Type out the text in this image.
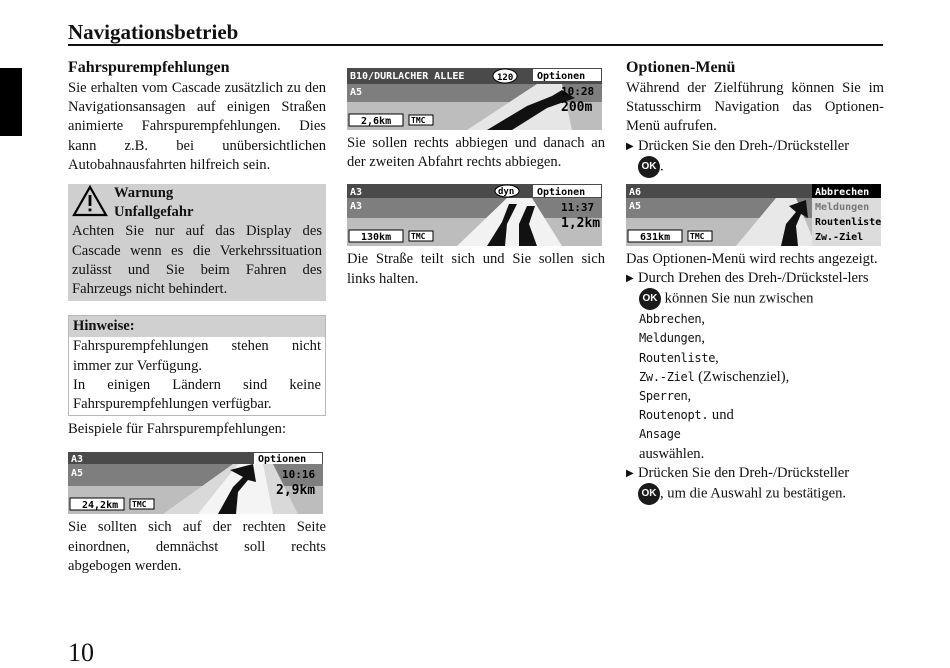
Navigationsbetrieb
Fahrspurempfehlungen

Sie erhalten vom Cascade zusätzlich zu den Navigationsansagen auf einigen Straßen animierte Fahrspurempfehlungen. Dies kann z.B. bei unübersichtlichen Autobahnausfahrten hilfreich sein.

Warnung
Unfallgefahr

Achten Sie nur auf das Display des Cascade wenn es die Verkehrssituation zulässt und Sie beim Fahren des Fahrzeugs nicht behindert.

Hinweise:

Fahrspurempfehlungen stehen nicht immer zur Verfügung.

In einigen Ländern sind keine Fahrspurempfehlungen verfügbar.

Beispiele für Fahrspurempfehlungen:

A3
A5
Optionen
10:16
2,9km
24,2km TMC

Sie sollten sich auf der rechten Seite einordnen, demnächst soll rechts abgebogen werden.

B10/DURLACHER ALLEE	120 Optionen
A5	10:28
200m
2,6km TMC

Sie sollen rechts abbiegen und danach an der zweiten Abfahrt rechts abbiegen.

A3
A3
dyn Optionen
11:37
1,2km
130km TMC

Die Straße teilt sich und Sie sollen sich links halten.

Optionen-Menü

Während der Zielführung können Sie im Statusschirm Navigation das Optionen-Menü aufrufen.

▶ Drücken Sie den Dreh-/Drücksteller
OK .
A6
A5
Abbrechen
Meldungen
Routenliste
Zw.-Ziel
631km TMC

Das Optionen-Menü wird rechts angezeigt.

▶ Durch Drehen des Dreh-/Drückstel-lers
OK können Sie nun zwischen
Abbrechen,
Meldungen,
Routenliste,
Zw.-Ziel (Zwischenziel),
Sperren,
Routenopt. und
Ansage
auswählen.
▶ Drücken Sie den Dreh-/Drücksteller
OK , um die Auswahl zu bestätigen.
10
